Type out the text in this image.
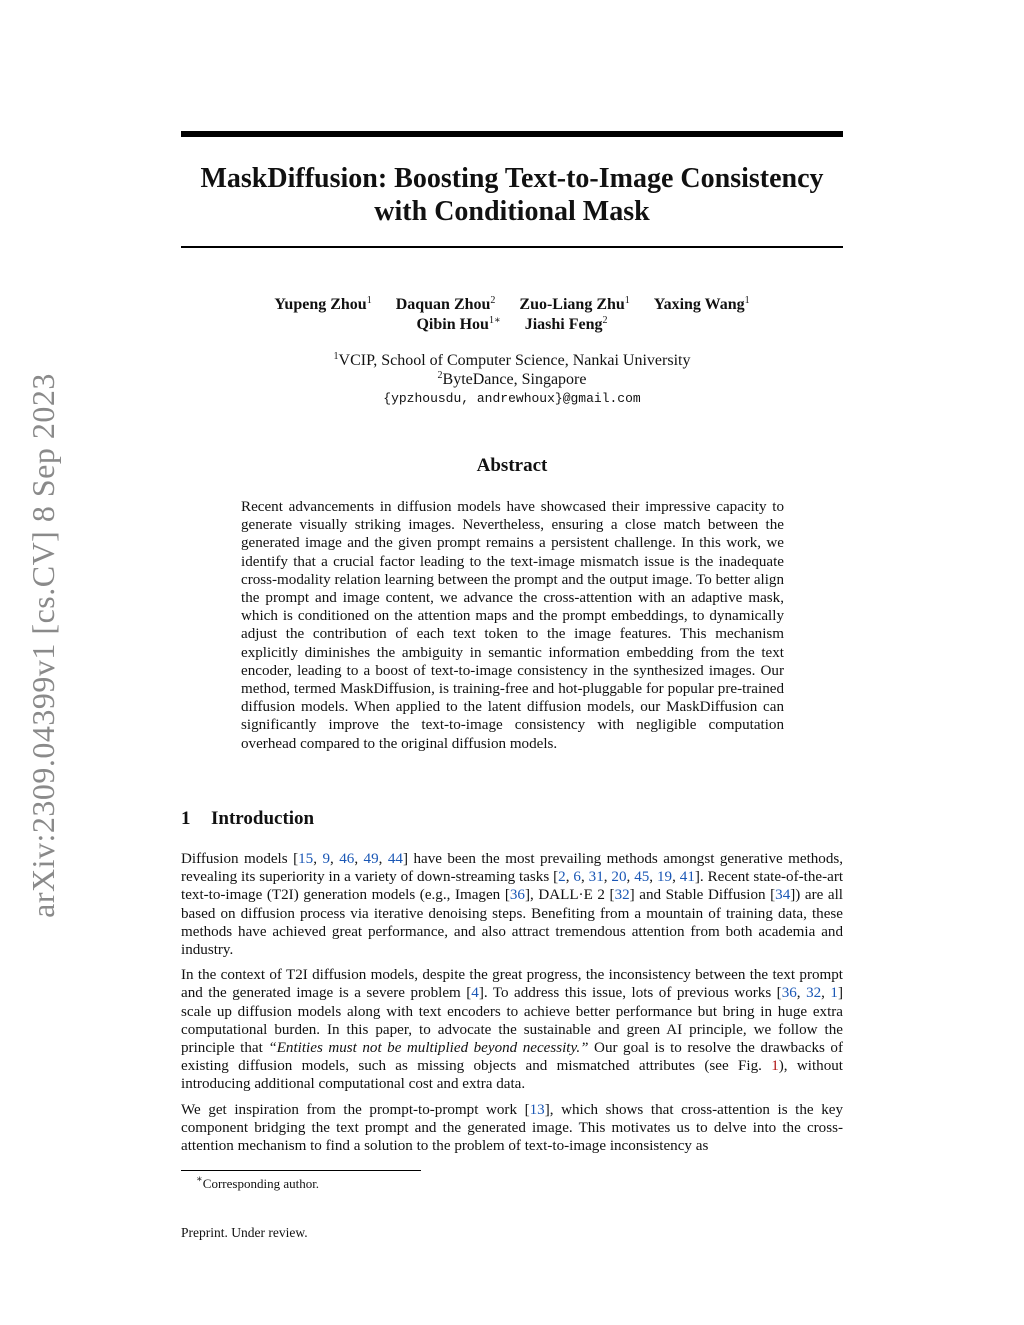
arXiv:2309.04399v1 [cs.CV] 8 Sep 2023
MaskDiffusion: Boosting Text-to-Image Consistency
with Conditional Mask
Yupeng Zhou$^1$ Daquan Zhou$^2$ Zuo-Liang Zhu$^1$ Yaxing Wang$^1$
Qibin Hou$^{1∗}$ Jiashi Feng$^2$
$^1$VCIP, School of Computer Science, Nankai University
$^2$ByteDance, Singapore
{ypzhousdu, andrewhoux}@gmail.com
Abstract

Recent advancements in diffusion models have showcased their impressive capacity to generate visually striking images. Nevertheless, ensuring a close match between the generated image and the given prompt remains a persistent challenge. In this work, we identify that a crucial factor leading to the text-image mismatch issue is the inadequate cross-modality relation learning between the prompt and the output image. To better align the prompt and image content, we advance the cross-attention with an adaptive mask, which is conditioned on the attention maps and the prompt embeddings, to dynamically adjust the contribution of each text token to the image features. This mechanism explicitly diminishes the ambiguity in semantic information embedding from the text encoder, leading to a boost of text-to-image consistency in the synthesized images. Our method, termed MaskDiffusion, is training-free and hot-pluggable for popular pre-trained diffusion models. When applied to the latent diffusion models, our MaskDiffusion can significantly improve the text-to-image consistency with negligible computation overhead compared to the original diffusion models.

1 Introduction

Diffusion models [15, 9, 46, 49, 44] have been the most prevailing methods amongst generative methods, revealing its superiority in a variety of down-streaming tasks [2, 6, 31, 20, 45, 19, 41]. Recent state-of-the-art text-to-image (T2I) generation models (e.g., Imagen [36], DALL·E 2 [32] and Stable Diffusion [34]) are all based on diffusion process via iterative denoising steps. Benefiting from a mountain of training data, these methods have achieved great performance, and also attract tremendous attention from both academia and industry.

In the context of T2I diffusion models, despite the great progress, the inconsistency between the text prompt and the generated image is a severe problem [4]. To address this issue, lots of previous works [36, 32, 1] scale up diffusion models along with text encoders to achieve better performance but bring in huge extra computational burden. In this paper, to advocate the sustainable and green AI principle, we follow the principle that “Entities must not be multiplied beyond necessity.” Our goal is to resolve the drawbacks of existing diffusion models, such as missing objects and mismatched attributes (see Fig. 1), without introducing additional computational cost and extra data.

We get inspiration from the prompt-to-prompt work [13], which shows that cross-attention is the key component bridging the text prompt and the generated image. This motivates us to delve into the cross-attention mechanism to find a solution to the problem of text-to-image inconsistency as

∗Corresponding author.
Preprint. Under review.
